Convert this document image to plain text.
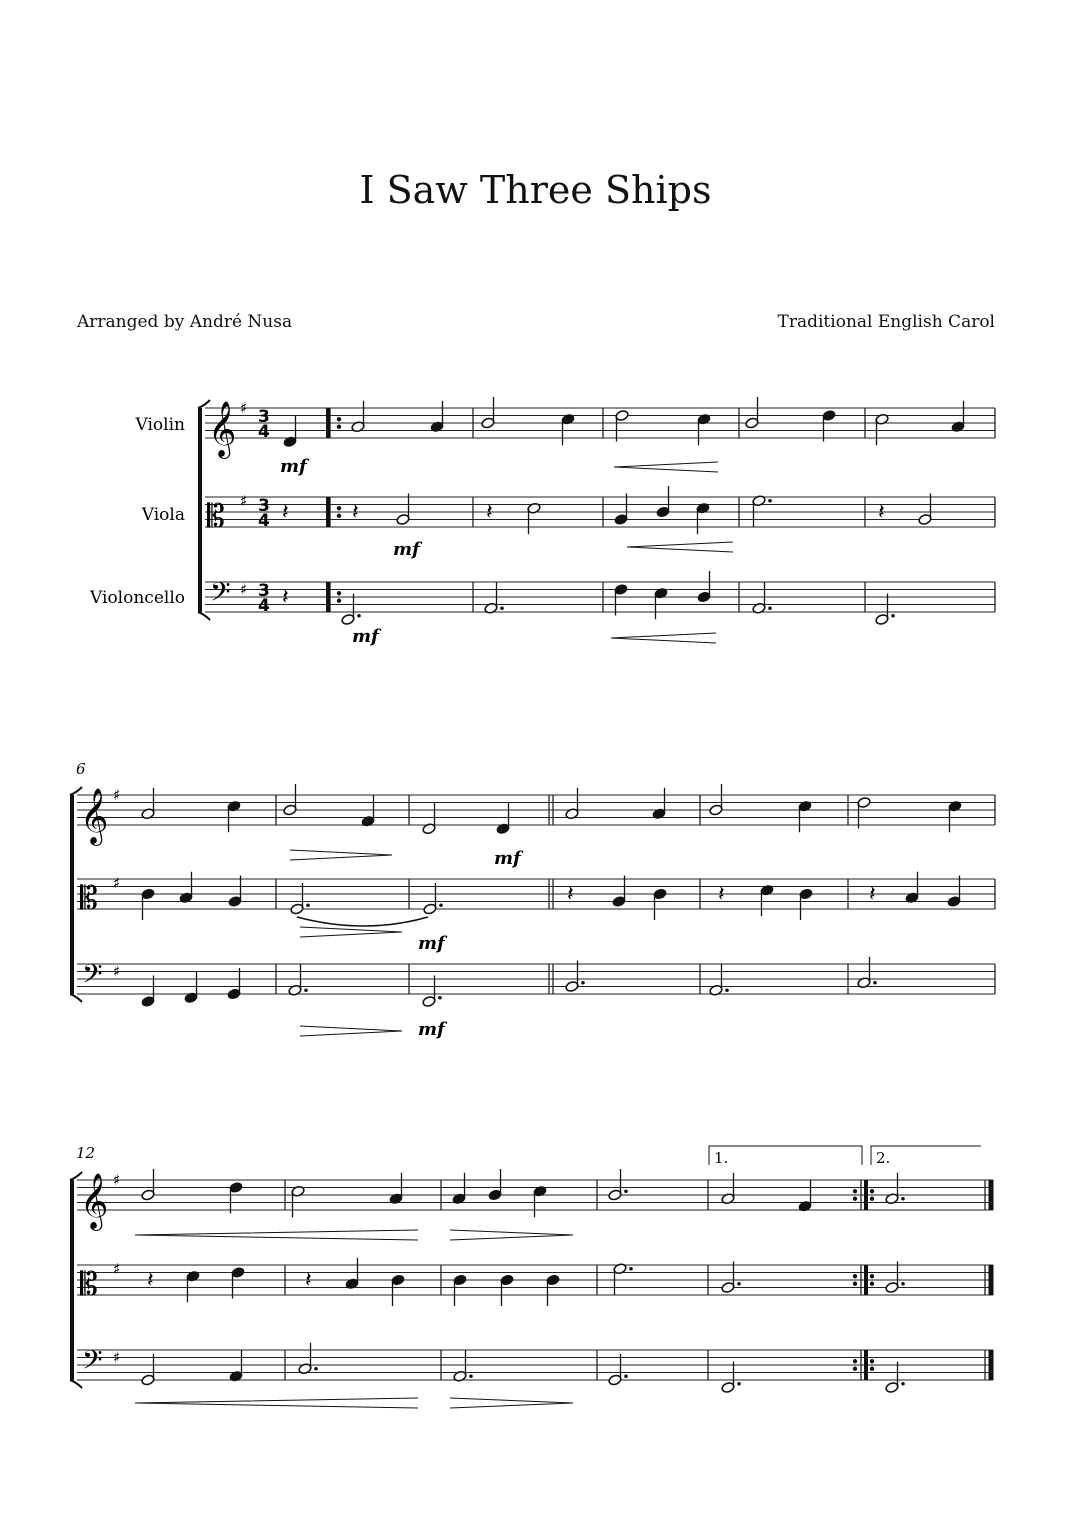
I Saw Three Ships
Arranged by André Nusa	Traditional English Carol
Violin
Viola
Violoncello
𝄞
𝄡
𝄢
♯
♯
♯
3
4
3
4
3
4
mf
𝄽	𝄽	𝄽	𝄽
mf
𝄽
mf
6
𝄞
𝄡
𝄢
♯
♯
♯
mf
mf
𝄽	𝄽	𝄽
mf
12
𝄞
𝄡
𝄢
♯
♯
♯
1.	2.
𝄽	𝄽
